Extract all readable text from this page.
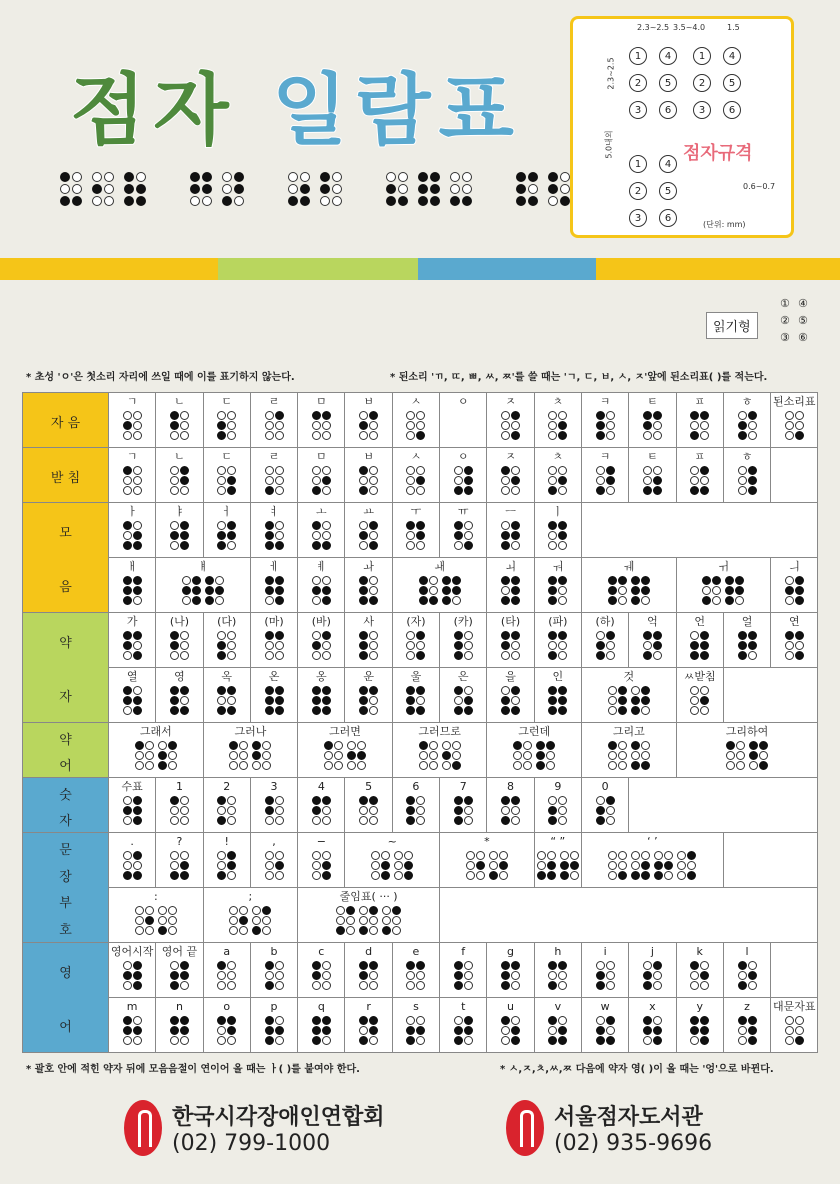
점자 일람표
2.3~2.5 3.5~4.0	1.5
2.3~2.5
5.0내외
1	4
2	5
3	6
1	4
2	5
3	6
1	4
2	5
3	6
점자규격
0.6~0.7
(단위: mm)
읽기형
① ④
② ⑤
③ ⑥
* 초성 'ㅇ'은 첫소리 자리에 쓰일 때에 이를 표기하지 않는다.	* 된소리 'ㄲ, ㄸ, ㅃ, ㅆ, ㅉ'를 쓸 때는 'ㄱ, ㄷ, ㅂ, ㅅ, ㅈ'앞에 된소리표( )를 적는다.
자 음	ㄱ	ㄴ	ㄷ	ㄹ	ㅁ	ㅂ	ㅅ	ㅇ	ㅈ	ㅊ	ㅋ	ㅌ	ㅍ	ㅎ	된소리표

받 침	ㄱ	ㄴ	ㄷ	ㄹ	ㅁ	ㅂ	ㅅ	ㅇ	ㅈ	ㅊ	ㅋ	ㅌ	ㅍ	ㅎ	

모
음	ㅏ	ㅑ	ㅓ	ㅕ	ㅗ	ㅛ	ㅜ	ㅠ	ㅡ	ㅣ					

	ㅐ	ㅒ		ㅔ	ㅖ	ㅘ	ㅙ		ㅚ	ㅝ	ㅞ		ㅟ		ㅢ

약
자	가	(나)	(다)	(마)	(바)	사	(자)	(카)	(타)	(파)	(하)	억	언	얼	연

	열	영	옥	온	옹	운	울	은	을	인	것		ㅆ받침		

약
어	그래서		그러나		그러면		그러므로		그런데		그리고		그리하여		

숫
자	수표	1	2	3	4	5	6	7	8	9	0				

문
장
부
호	.	?	!	,	−	~		*		“ ”	‘ ’				

	:		;		줄임표( ··· )										

영
어	영어시작	영어 끝	a	b	c	d	e	f	g	h	i	j	k	l	

	m	n	o	p	q	r	s	t	u	v	w	x	y	z	대문자표
* 괄호 안에 적힌 약자 뒤에 모음음절이 연이어 올 때는 ㅏ( )를 붙여야 한다.	* ㅅ,ㅈ,ㅊ,ㅆ,ㅉ 다음에 약자 영( )이 올 때는 '엉'으로 바뀐다.
한국시각장애인연합회
(02) 799-1000
서울점자도서관
(02) 935-9696
